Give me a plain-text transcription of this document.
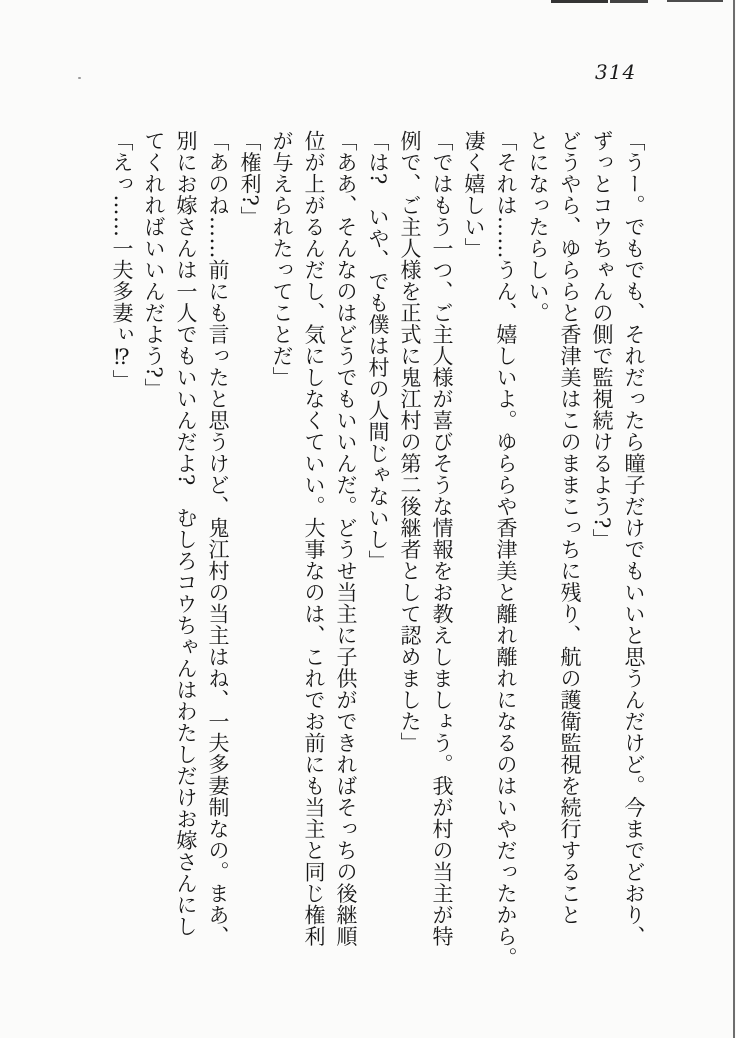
314
「うー。でもでも、それだったら瞳子だけでもいいと思うんだけど。今までどおり、
ずっとコウちゃんの側で監視続けるよう?」
どうやら、ゆららと香津美はこのままこっちに残り、航の護衛監視を続行すること
とになったらしい。
「それは……うん、嬉しいよ。ゆららや香津美と離れ離れになるのはいやだったから。
凄く嬉しい」
「ではもう一つ、ご主人様が喜びそうな情報をお教えしましょう。我が村の当主が特
例で、ご主人様を正式に鬼江村の第二後継者として認めました」
「は?　いや、でも僕は村の人間じゃないし」
「ああ、そんなのはどうでもいいんだ。どうせ当主に子供ができればそっちの後継順
位が上がるんだし、気にしなくていい。大事なのは、これでお前にも当主と同じ権利
が与えられたってことだ」
「権利?」
「あのね……前にも言ったと思うけど、鬼江村の当主はね、一夫多妻制なの。まあ、
別にお嫁さんは一人でもいいんだよ?　むしろコウちゃんはわたしだけお嫁さんにし
てくれればいいんだよう?」
「えっ……一夫多妻ぃ⁉」
